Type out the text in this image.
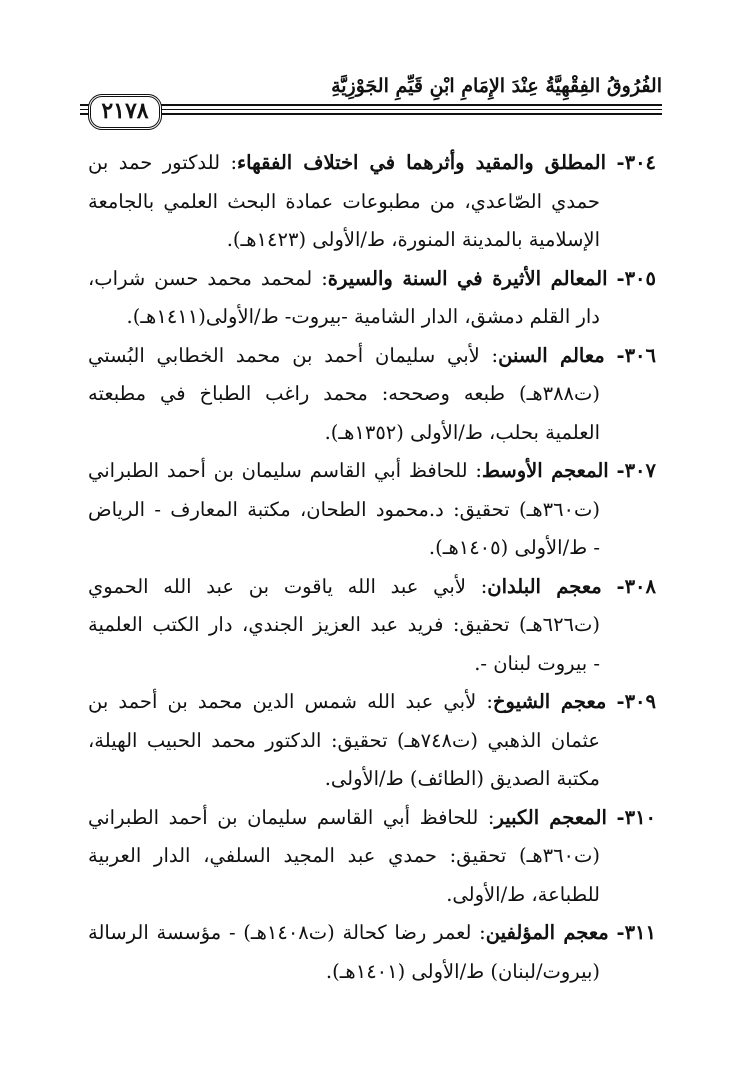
الفُرُوقُ الفِقْهِيَّةُ عِنْدَ الإِمَامِ ابْنِ قَيِّمِ الجَوْزِيَّةِ
٢١٧٨
٣٠٤- المطلق والمقيد وأثرهما في اختلاف الفقهاء: للدكتور حمد بن
حمدي الصّاعدي، من مطبوعات عمادة البحث العلمي بالجامعة
الإسلامية بالمدينة المنورة، ط/الأولى (١٤٢٣هـ).
٣٠٥- المعالم الأثيرة في السنة والسيرة: لمحمد محمد حسن شراب،
دار القلم دمشق، الدار الشامية -بيروت- ط/الأولى(١٤١١هـ).
٣٠٦- معالم السنن: لأبي سليمان أحمد بن محمد الخطابي البُستي
(ت٣٨٨هـ) طبعه وصححه: محمد راغب الطباخ في مطبعته
العلمية بحلب، ط/الأولى (١٣٥٢هـ).
٣٠٧- المعجم الأوسط: للحافظ أبي القاسم سليمان بن أحمد الطبراني
(ت٣٦٠هـ) تحقيق: د.محمود الطحان، مكتبة المعارف - الرياض
- ط/الأولى (١٤٠٥هـ).
٣٠٨- معجم البلدان: لأبي عبد الله ياقوت بن عبد الله الحموي
(ت٦٢٦هـ) تحقيق: فريد عبد العزيز الجندي، دار الكتب العلمية
- بيروت لبنان -.
٣٠٩- معجم الشيوخ: لأبي عبد الله شمس الدين محمد بن أحمد بن
عثمان الذهبي (ت٧٤٨هـ) تحقيق: الدكتور محمد الحبيب الهيلة،
مكتبة الصديق (الطائف) ط/الأولى.
٣١٠- المعجم الكبير: للحافظ أبي القاسم سليمان بن أحمد الطبراني
(ت٣٦٠هـ) تحقيق: حمدي عبد المجيد السلفي، الدار العربية
للطباعة، ط/الأولى.
٣١١- معجم المؤلفين: لعمر رضا كحالة (ت١٤٠٨هـ) - مؤسسة الرسالة
(بيروت/لبنان) ط/الأولى (١٤٠١هـ).
